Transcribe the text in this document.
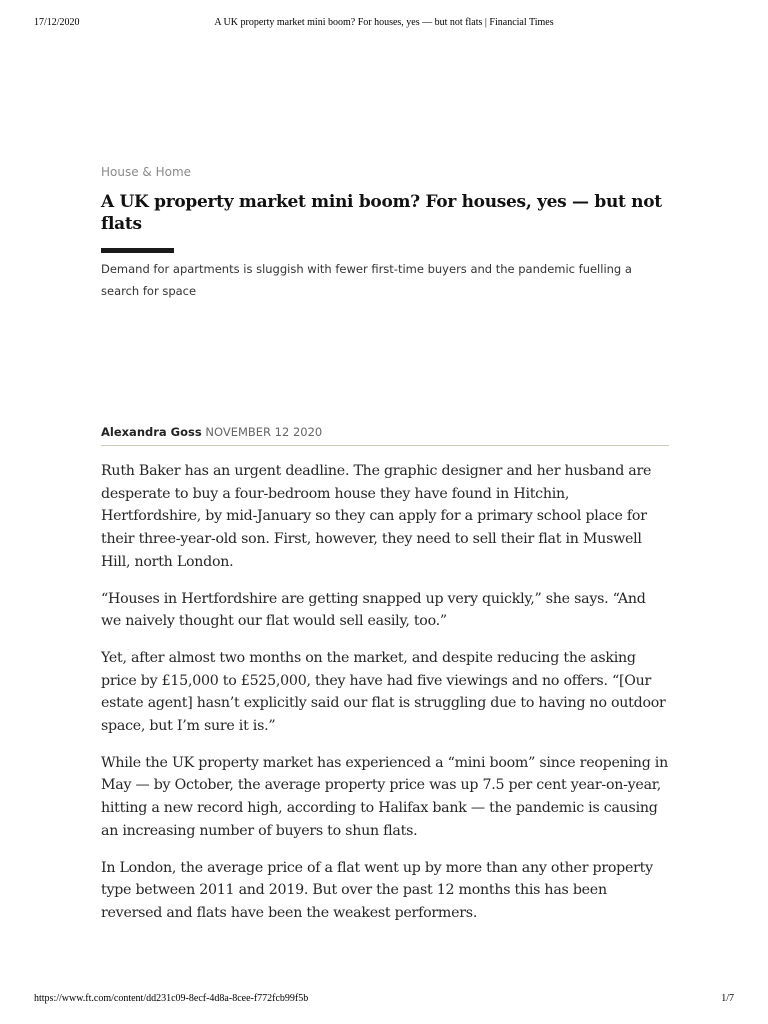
17/12/2020	A UK property market mini boom? For houses, yes — but not flats | Financial Times

House & Home

A UK property market mini boom? For houses, yes — but not flats

Demand for apartments is sluggish with fewer first-time buyers and the pandemic fuelling a search for space

Alexandra Goss NOVEMBER 12 2020

Ruth Baker has an urgent deadline. The graphic designer and her husband are desperate to buy a four-bedroom house they have found in Hitchin, Hertfordshire, by mid-January so they can apply for a primary school place for their three-year-old son. First, however, they need to sell their flat in Muswell Hill, north London.

“Houses in Hertfordshire are getting snapped up very quickly,” she says. “And we naively thought our flat would sell easily, too.”

Yet, after almost two months on the market, and despite reducing the asking price by £15,000 to £525,000, they have had five viewings and no offers. “[Our estate agent] hasn’t explicitly said our flat is struggling due to having no outdoor space, but I’m sure it is.”

While the UK property market has experienced a “mini boom” since reopening in May — by October, the average property price was up 7.5 per cent year-on-year, hitting a new record high, according to Halifax bank — the pandemic is causing an increasing number of buyers to shun flats.

In London, the average price of a flat went up by more than any other property type between 2011 and 2019. But over the past 12 months this has been reversed and flats have been the weakest performers.

https://www.ft.com/content/dd231c09-8ecf-4d8a-8cee-f772fcb99f5b	1/7
